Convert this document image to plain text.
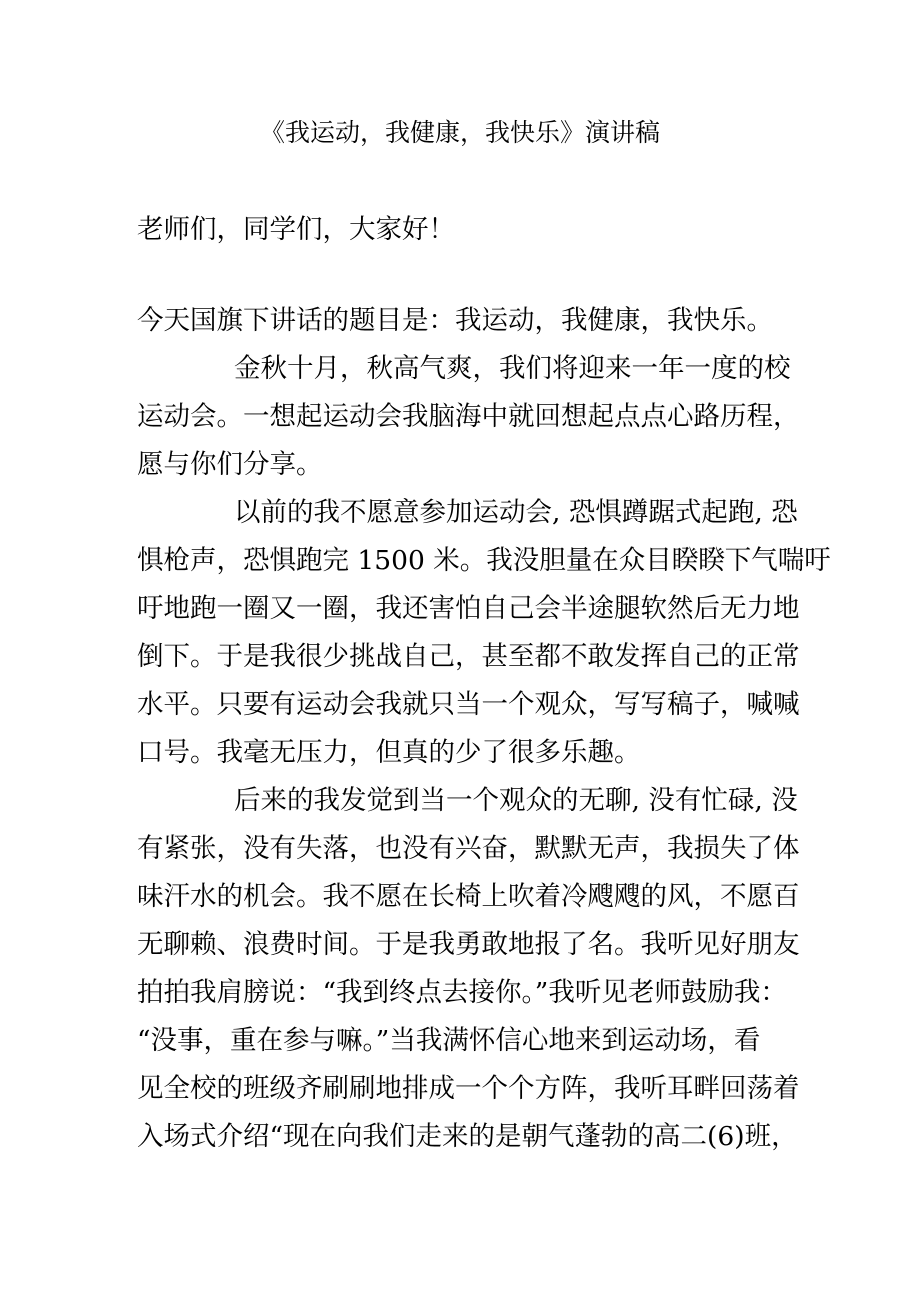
《我运动，我健康，我快乐》演讲稿
老师们，同学们，大家好！
今天国旗下讲话的题目是：我运动，我健康，我快乐。
金秋十月，秋高气爽，我们将迎来一年一度的校
运动会。一想起运动会我脑海中就回想起点点心路历程，
愿与你们分享。
以前的我不愿意参加运动会, 恐惧蹲踞式起跑, 恐
惧枪声，恐惧跑完 1500 米。我没胆量在众目睽睽下气喘吁
吁地跑一圈又一圈，我还害怕自己会半途腿软然后无力地
倒下。于是我很少挑战自己，甚至都不敢发挥自己的正常
水平。只要有运动会我就只当一个观众，写写稿子，喊喊
口号。我毫无压力，但真的少了很多乐趣。
后来的我发觉到当一个观众的无聊, 没有忙碌, 没
有紧张，没有失落，也没有兴奋，默默无声，我损失了体
味汗水的机会。我不愿在长椅上吹着冷飕飕的风，不愿百
无聊赖、浪费时间。于是我勇敢地报了名。我听见好朋友
拍拍我肩膀说：“我到终点去接你。”我听见老师鼓励我：
“没事，重在参与嘛。”当我满怀信心地来到运动场，看
见全校的班级齐刷刷地排成一个个方阵，我听耳畔回荡着
入场式介绍“现在向我们走来的是朝气蓬勃的高二(6)班，
